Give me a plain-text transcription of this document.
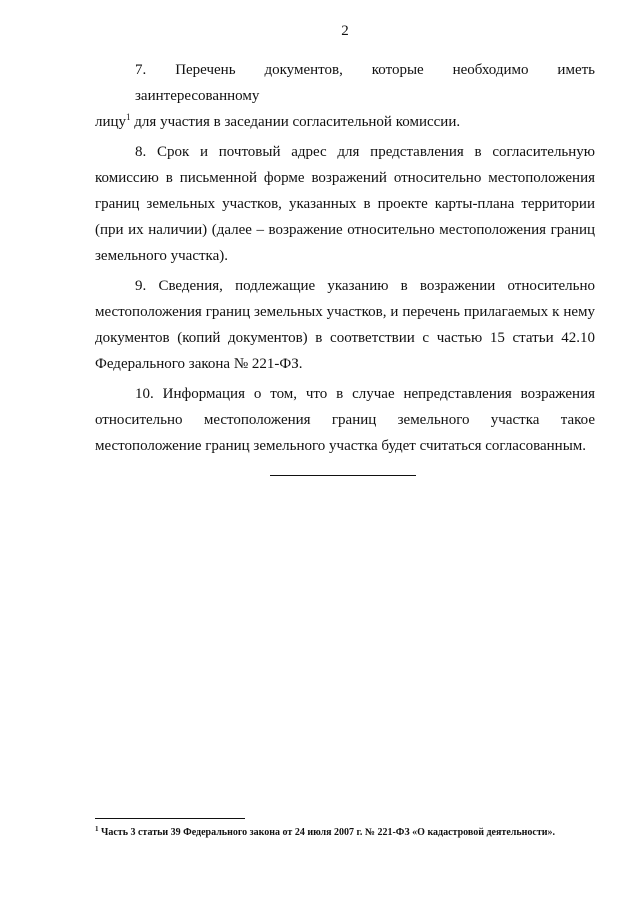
2

7. Перечень документов, которые необходимо иметь заинтересованному
лицу$^1$ для участия в заседании согласительной комиссии.

8. Срок и почтовый адрес для представления в согласительную
комиссию в письменной форме возражений относительно местоположения
границ земельных участков, указанных в проекте карты-плана территории
(при их наличии) (далее – возражение относительно местоположения границ
земельного участка).

9. Сведения, подлежащие указанию в возражении относительно
местоположения границ земельных участков, и перечень прилагаемых к нему
документов (копий документов) в соответствии с частью 15 статьи 42.10
Федерального закона № 221-ФЗ.

10. Информация о том, что в случае непредставления возражения
относительно местоположения границ земельного участка такое
местоположение границ земельного участка будет считаться согласованным.

$^1$ Часть 3 статьи 39 Федерального закона от 24 июля 2007 г. № 221-ФЗ «О кадастровой деятельности».
